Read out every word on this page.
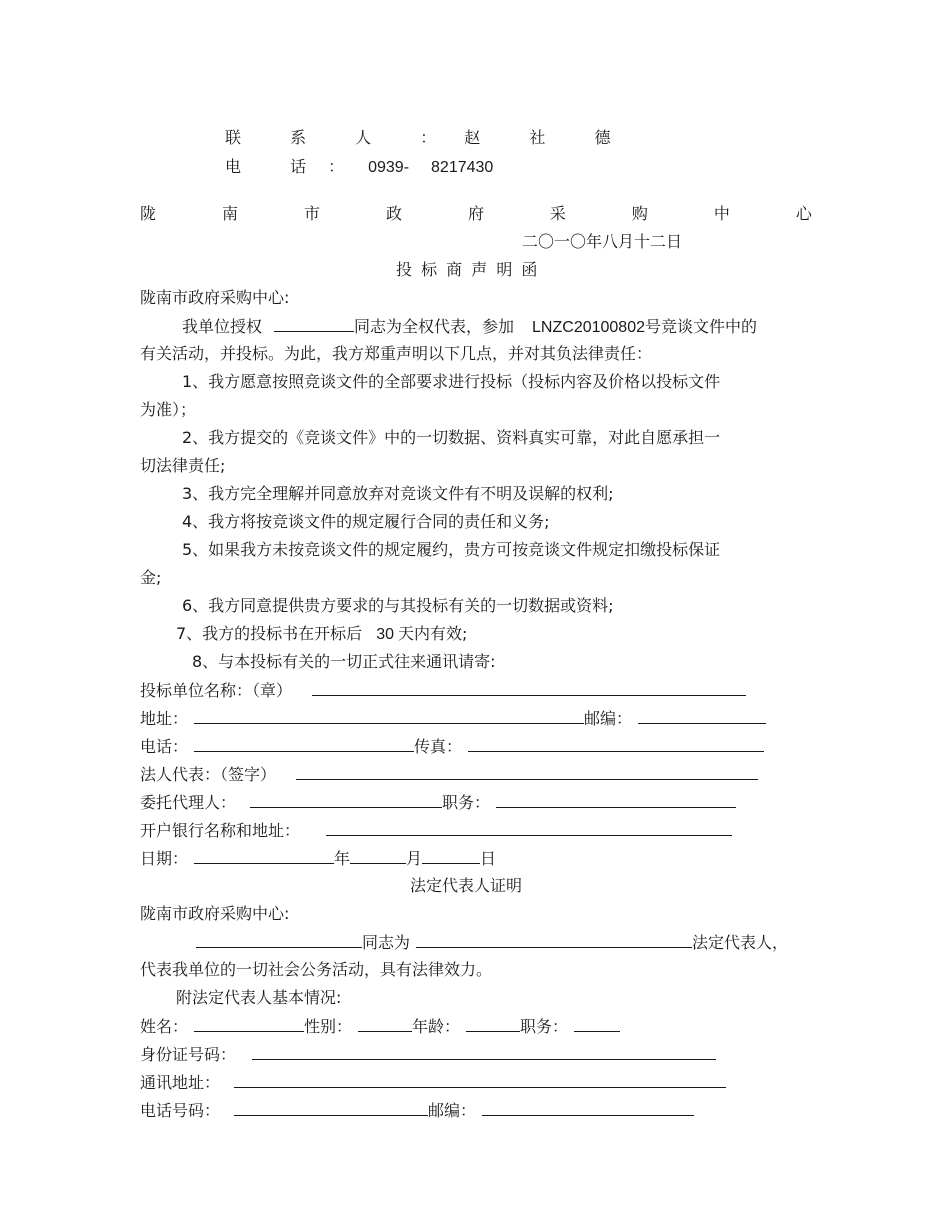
联 系 人 ： 赵 社 德
电 话： 0939- 8217430
陇	南	市	政	府	采	购	中	心
二〇一〇年八月十二日
投 标 商 声 明 函
陇南市政府采购中心:
我单位授权	同志为全权代表，参加 LNZC20100802号竞谈文件中的
有关活动，并投标。为此，我方郑重声明以下几点，并对其负法律责任：
1、我方愿意按照竞谈文件的全部要求进行投标（投标内容及价格以投标文件
为准）；
2、我方提交的《竞谈文件》中的一切数据、资料真实可靠，对此自愿承担一
切法律责任;
3、我方完全理解并同意放弃对竞谈文件有不明及误解的权利;
4、我方将按竞谈文件的规定履行合同的责任和义务;
5、如果我方未按竞谈文件的规定履约，贵方可按竞谈文件规定扣缴投标保证
金;
6、我方同意提供贵方要求的与其投标有关的一切数据或资料;
7、我方的投标书在开标后 30 天内有效;
8、与本投标有关的一切正式往来通讯请寄:
投标单位名称：（章）
地址：	邮编：
电话：	传真：
法人代表：（签字）
委托代理人：	职务：
开户银行名称和地址：
日期：	年	月	日
法定代表人证明
陇南市政府采购中心:
同志为	法定代表人，
代表我单位的一切社会公务活动，具有法律效力。
附法定代表人基本情况:
姓名：	性别：	年龄：	职务：
身份证号码：
通讯地址：
电话号码：	邮编：
